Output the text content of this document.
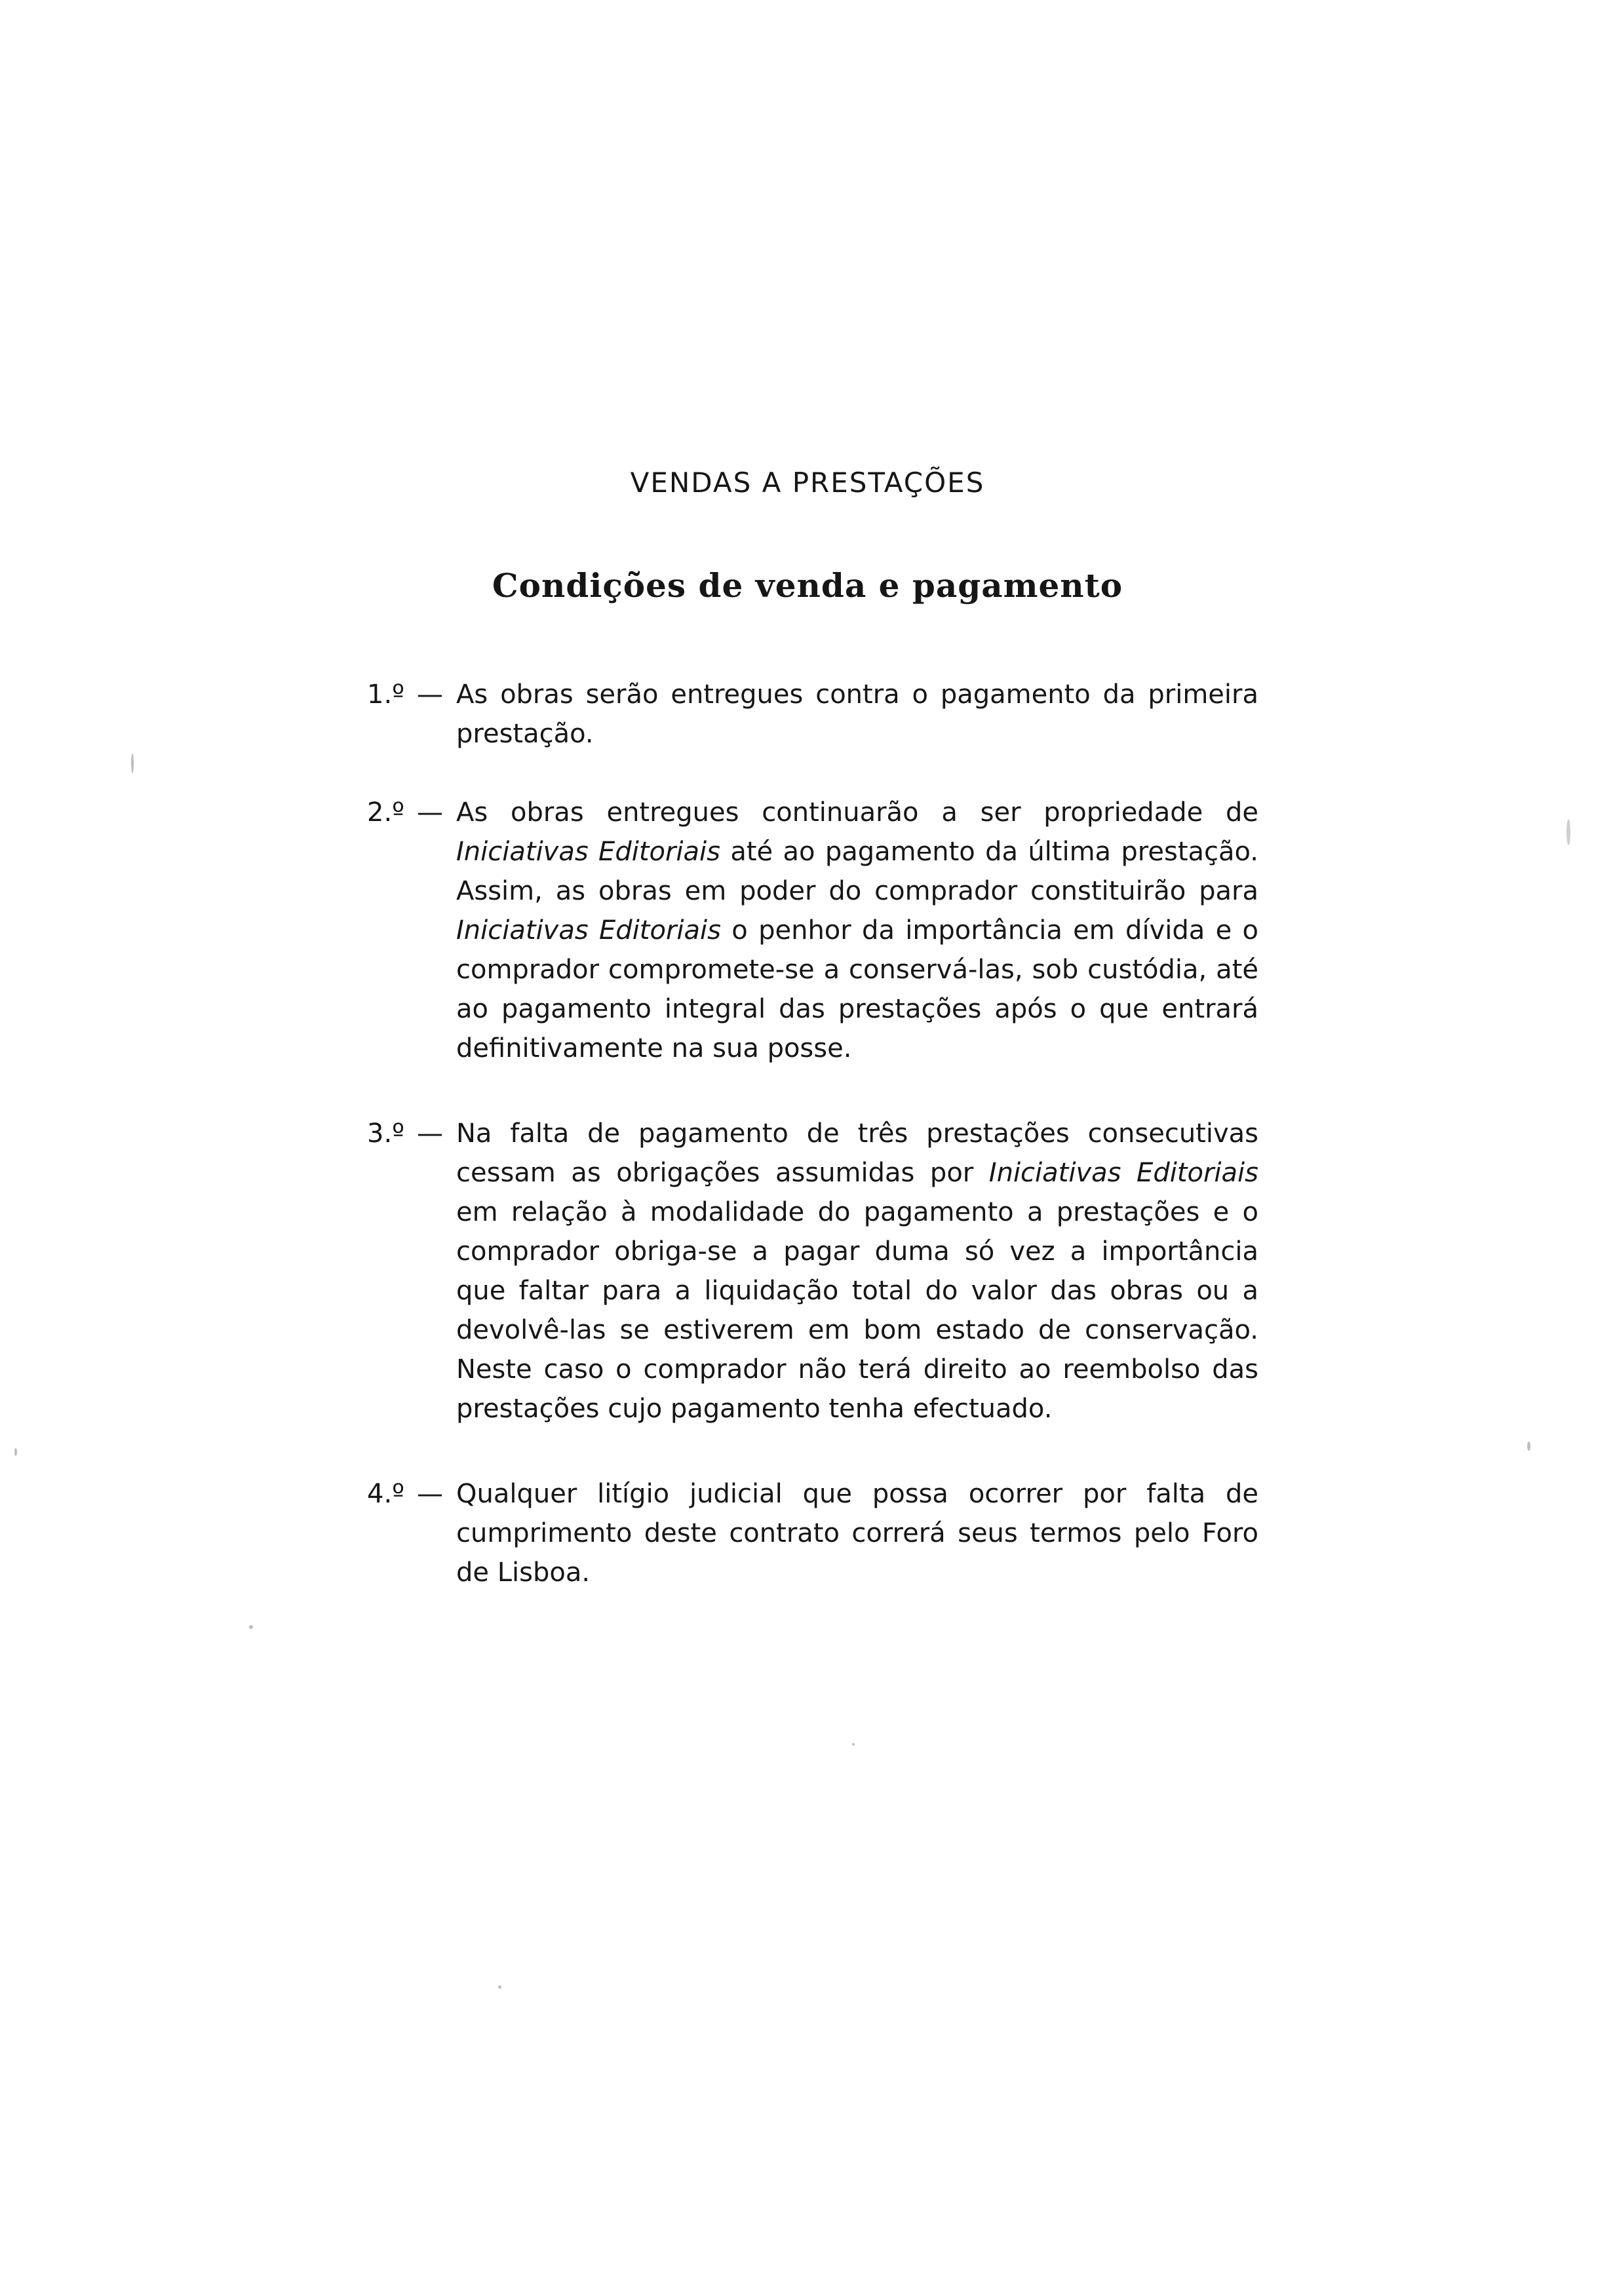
VENDAS A PRESTAÇÕES
Condições de venda e pagamento
1.º — As obras serão entregues contra o pagamento da primeira prestação.
2.º — As obras entregues continuarão a ser propriedade de Iniciativas Editoriais até ao pagamento da última prestação. Assim, as obras em poder do comprador constituirão para Iniciativas Editoriais o penhor da importância em dívida e o comprador compromete-se a conservá-las, sob custódia, até ao pagamento integral das prestações após o que entrará definitivamente na sua posse.
3.º — Na falta de pagamento de três prestações consecutivas cessam as obrigações assumidas por Iniciativas Editoriais em relação à modalidade do pagamento a prestações e o comprador obriga-se a pagar duma só vez a importância que faltar para a liquidação total do valor das obras ou a devolvê-las se estiverem em bom estado de conservação. Neste caso o comprador não terá direito ao reembolso das prestações cujo pagamento tenha efectuado.
4.º — Qualquer litígio judicial que possa ocorrer por falta de cumprimento deste contrato correrá seus termos pelo Foro de Lisboa.
